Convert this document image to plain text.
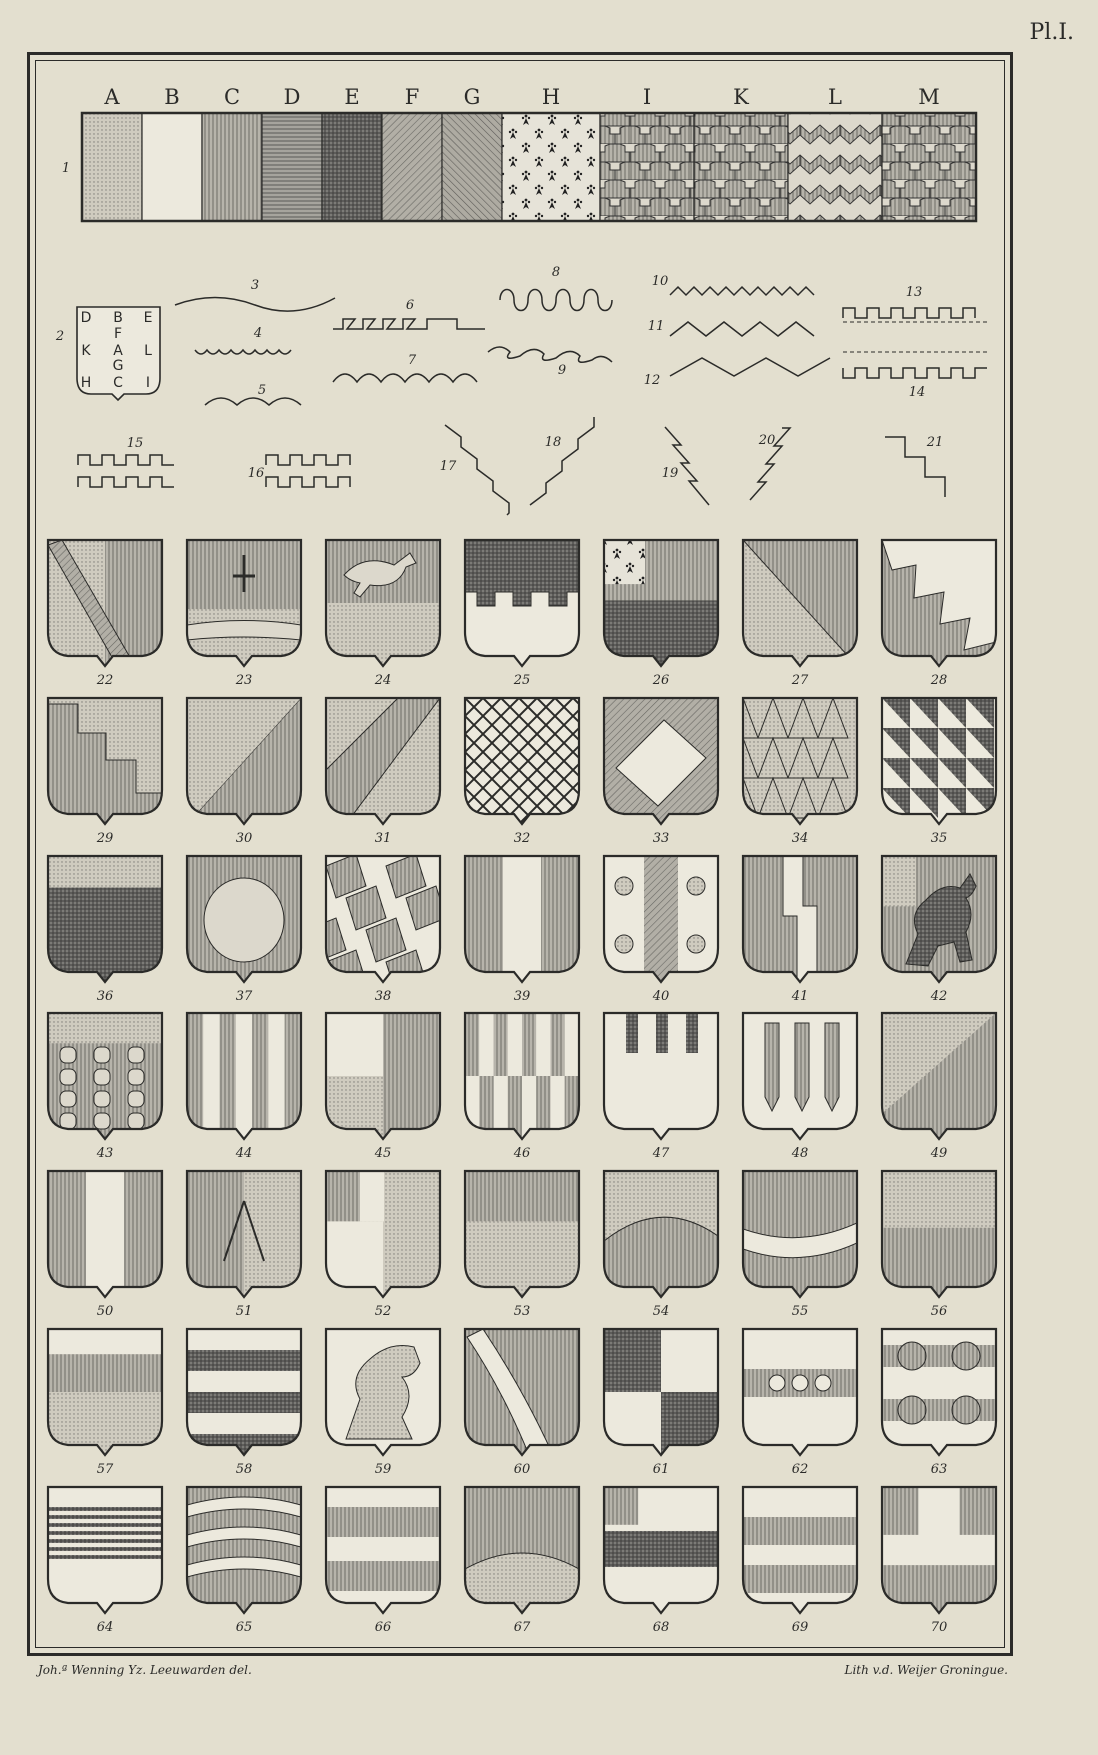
Pl.I.
A B C D E F G	H	I	K	L	M
1
D B E
F
K A L
G
H C I
2
3
4
5
6
7
8
9
10
11
12
13
14
15
16	17
18
19
20	21
22	23	24	25	26	27	28
29	30	31	32	33	34	35
36	37	38	39	40	41	42
43	44	45	46	47	48	49
50	51	52	53	54	55	56
57	58	59	60	61	62	63
64	65	66	67	68	69	70
Joh.ª Wenning Yz. Leeuwarden del.	Lith v.d. Weijer Groningue.
